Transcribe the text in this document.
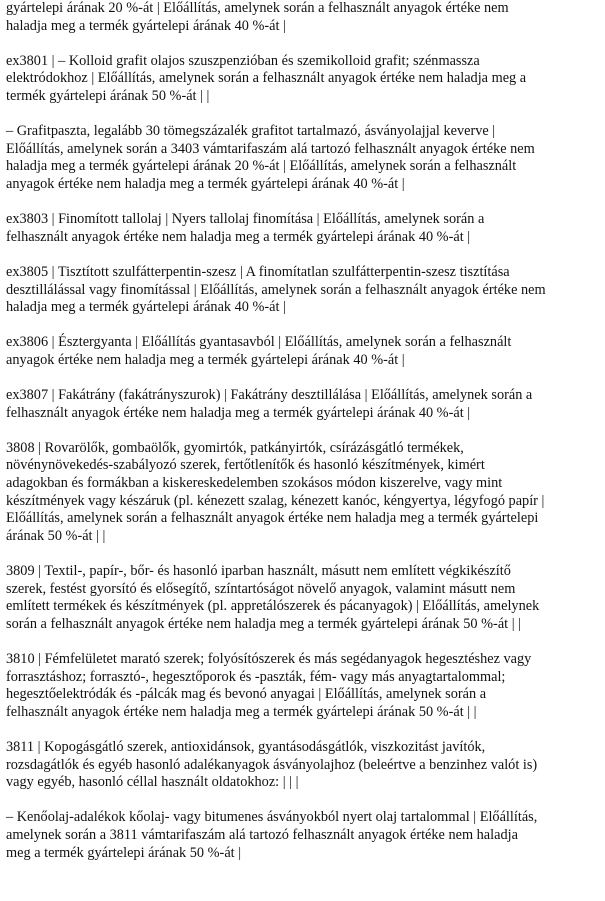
gyártelepi árának 20 %-át | Előállítás, amelynek során a felhasznált anyagok értéke nem
haladja meg a termék gyártelepi árának 40 %-át |

ex3801 | – Kolloid grafit olajos szuszpenzióban és szemikolloid grafit; szénmassza
elektródokhoz | Előállítás, amelynek során a felhasznált anyagok értéke nem haladja meg a
termék gyártelepi árának 50 %-át | |

– Grafitpaszta, legalább 30 tömegszázalék grafitot tartalmazó, ásványolajjal keverve |
Előállítás, amelynek során a 3403 vámtarifaszám alá tartozó felhasznált anyagok értéke nem
haladja meg a termék gyártelepi árának 20 %-át | Előállítás, amelynek során a felhasznált
anyagok értéke nem haladja meg a termék gyártelepi árának 40 %-át |

ex3803 | Finomított tallolaj | Nyers tallolaj finomítása | Előállítás, amelynek során a
felhasznált anyagok értéke nem haladja meg a termék gyártelepi árának 40 %-át |

ex3805 | Tisztított szulfátterpentin-szesz | A finomítatlan szulfátterpentin-szesz tisztítása
desztillálással vagy finomítással | Előállítás, amelynek során a felhasznált anyagok értéke nem
haladja meg a termék gyártelepi árának 40 %-át |

ex3806 | Észtergyanta | Előállítás gyantasavból | Előállítás, amelynek során a felhasznált
anyagok értéke nem haladja meg a termék gyártelepi árának 40 %-át |

ex3807 | Fakátrány (fakátrányszurok) | Fakátrány desztillálása | Előállítás, amelynek során a
felhasznált anyagok értéke nem haladja meg a termék gyártelepi árának 40 %-át |

3808 | Rovarölők, gombaölők, gyomirtók, patkányirtók, csírázásgátló termékek,
növénynövekedés-szabályozó szerek, fertőtlenítők és hasonló készítmények, kimért
adagokban és formákban a kiskereskedelemben szokásos módon kiszerelve, vagy mint
készítmények vagy készáruk (pl. kénezett szalag, kénezett kanóc, kéngyertya, légyfogó papír |
Előállítás, amelynek során a felhasznált anyagok értéke nem haladja meg a termék gyártelepi
árának 50 %-át | |

3809 | Textil-, papír-, bőr- és hasonló iparban használt, másutt nem említett végkikészítő
szerek, festést gyorsító és elősegítő, színtartóságot növelő anyagok, valamint másutt nem
említett termékek és készítmények (pl. appretálószerek és pácanyagok) | Előállítás, amelynek
során a felhasznált anyagok értéke nem haladja meg a termék gyártelepi árának 50 %-át | |

3810 | Fémfelületet marató szerek; folyósítószerek és más segédanyagok hegesztéshez vagy
forrasztáshoz; forrasztó-, hegesztőporok és -paszták, fém- vagy más anyagtartalommal;
hegesztőelektródák és -pálcák mag és bevonó anyagai | Előállítás, amelynek során a
felhasznált anyagok értéke nem haladja meg a termék gyártelepi árának 50 %-át | |

3811 | Kopogásgátló szerek, antioxidánsok, gyantásodásgátlók, viszkozitást javítók,
rozsdagátlók és egyéb hasonló adalékanyagok ásványolajhoz (beleértve a benzinhez valót is)
vagy egyéb, hasonló céllal használt oldatokhoz: | | |

– Kenőolaj-adalékok kőolaj- vagy bitumenes ásványokból nyert olaj tartalommal | Előállítás,
amelynek során a 3811 vámtarifaszám alá tartozó felhasznált anyagok értéke nem haladja
meg a termék gyártelepi árának 50 %-át |
